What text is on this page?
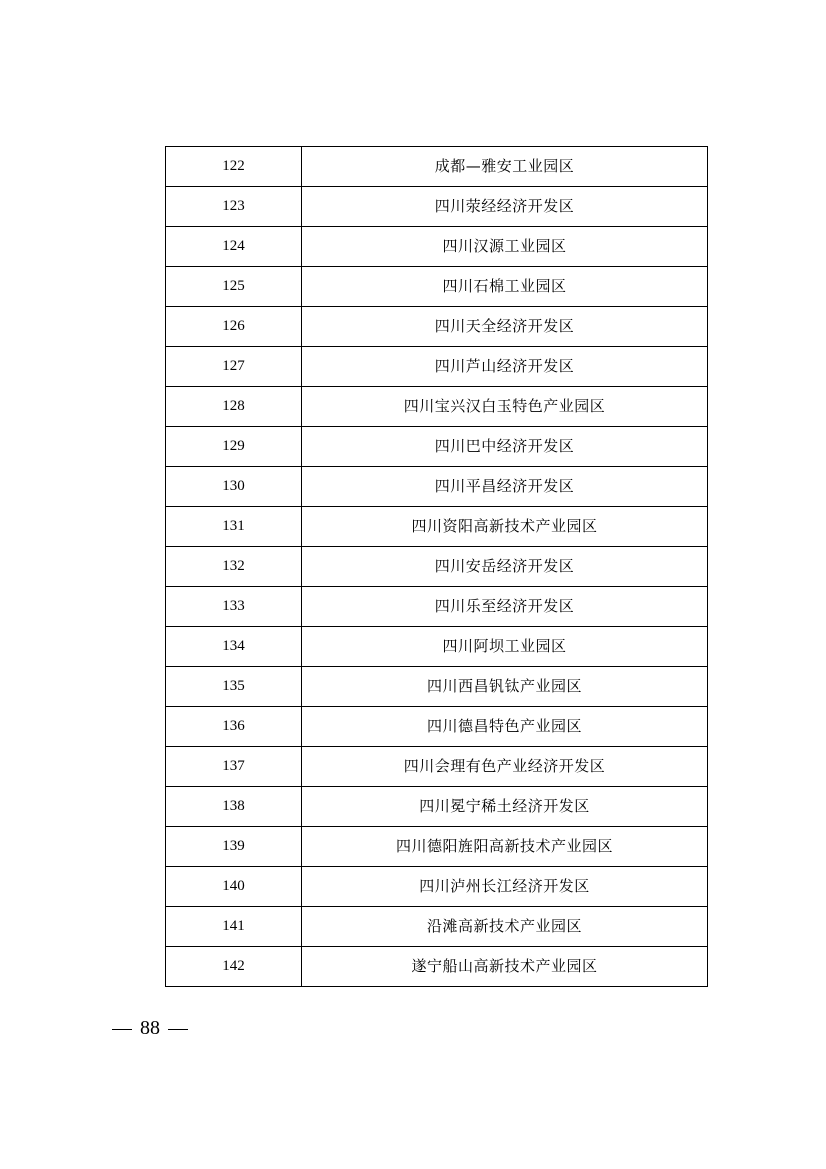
122	成都—雅安工业园区
123	四川荥经经济开发区
124	四川汉源工业园区
125	四川石棉工业园区
126	四川天全经济开发区
127	四川芦山经济开发区
128	四川宝兴汉白玉特色产业园区
129	四川巴中经济开发区
130	四川平昌经济开发区
131	四川资阳高新技术产业园区
132	四川安岳经济开发区
133	四川乐至经济开发区
134	四川阿坝工业园区
135	四川西昌钒钛产业园区
136	四川德昌特色产业园区
137	四川会理有色产业经济开发区
138	四川冕宁稀土经济开发区
139	四川德阳旌阳高新技术产业园区
140	四川泸州长江经济开发区
141	沿滩高新技术产业园区
142	遂宁船山高新技术产业园区
88
